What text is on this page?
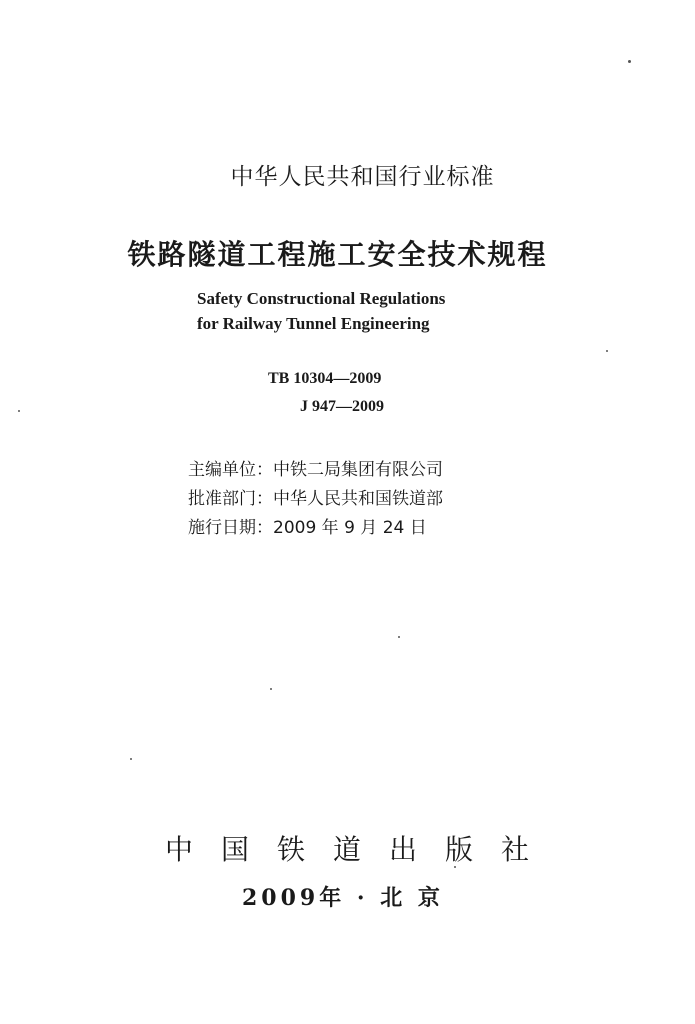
中华人民共和国行业标准
铁路隧道工程施工安全技术规程
Safety Constructional Regulations
for Railway Tunnel Engineering
TB 10304—2009
J 947—2009
主编单位：中铁二局集团有限公司
批准部门：中华人民共和国铁道部
施行日期：2009 年 9 月 24 日
中国铁道出版社
2009年 · 北 京
